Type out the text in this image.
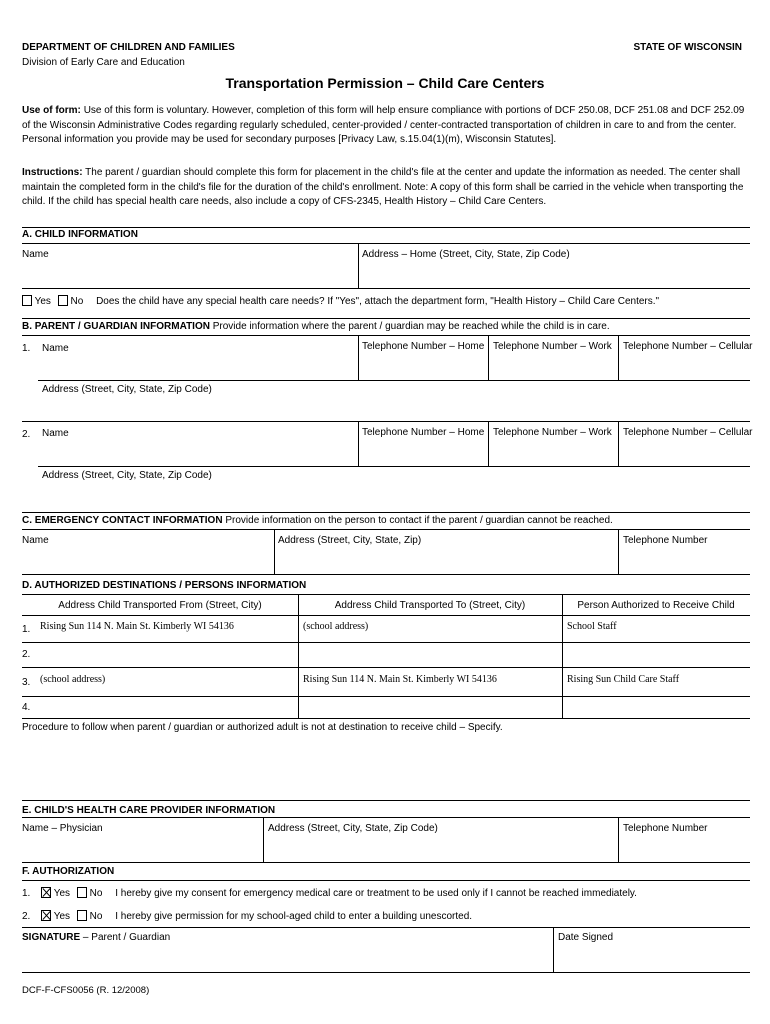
DEPARTMENT OF CHILDREN AND FAMILIES
Division of Early Care and Education
STATE OF WISCONSIN
Transportation Permission – Child Care Centers
Use of form: Use of this form is voluntary. However, completion of this form will help ensure compliance with portions of DCF 250.08, DCF 251.08 and DCF 252.09 of the Wisconsin Administrative Codes regarding regularly scheduled, center-provided / center-contracted transportation of children in care to and from the center. Personal information you provide may be used for secondary purposes [Privacy Law, s.15.04(1)(m), Wisconsin Statutes].
Instructions: The parent / guardian should complete this form for placement in the child's file at the center and update the information as needed. The center shall maintain the completed form in the child's file for the duration of the child's enrollment. Note: A copy of this form shall be carried in the vehicle when transporting the child. If the child has special health care needs, also include a copy of CFS-2345, Health History – Child Care Centers.
A. CHILD INFORMATION
Name	Address – Home (Street, City, State, Zip Code)
Yes No Does the child have any special health care needs? If "Yes", attach the department form, "Health History – Child Care Centers."
B. PARENT / GUARDIAN INFORMATION Provide information where the parent / guardian may be reached while the child is in care.
1. Name	Telephone Number – Home Telephone Number – Work Telephone Number – Cellular
Address (Street, City, State, Zip Code)
2. Name	Telephone Number – Home Telephone Number – Work Telephone Number – Cellular
Address (Street, City, State, Zip Code)
C. EMERGENCY CONTACT INFORMATION Provide information on the person to contact if the parent / guardian cannot be reached.
Name	Address (Street, City, State, Zip)	Telephone Number
D. AUTHORIZED DESTINATIONS / PERSONS INFORMATION
Address Child Transported From (Street, City)	Address Child Transported To (Street, City)	Person Authorized to Receive Child
1. Rising Sun 114 N. Main St. Kimberly WI 54136	(school address)	School Staff
2.
3. (school address)	Rising Sun 114 N. Main St. Kimberly WI 54136	Rising Sun Child Care Staff
4.
Procedure to follow when parent / guardian or authorized adult is not at destination to receive child – Specify.
E. CHILD'S HEALTH CARE PROVIDER INFORMATION
Name – Physician	Address (Street, City, State, Zip Code)	Telephone Number
F. AUTHORIZATION
1. Yes No I hereby give my consent for emergency medical care or treatment to be used only if I cannot be reached immediately.
2. Yes No I hereby give permission for my school-aged child to enter a building unescorted.
SIGNATURE – Parent / Guardian	Date Signed
DCF-F-CFS0056 (R. 12/2008)
